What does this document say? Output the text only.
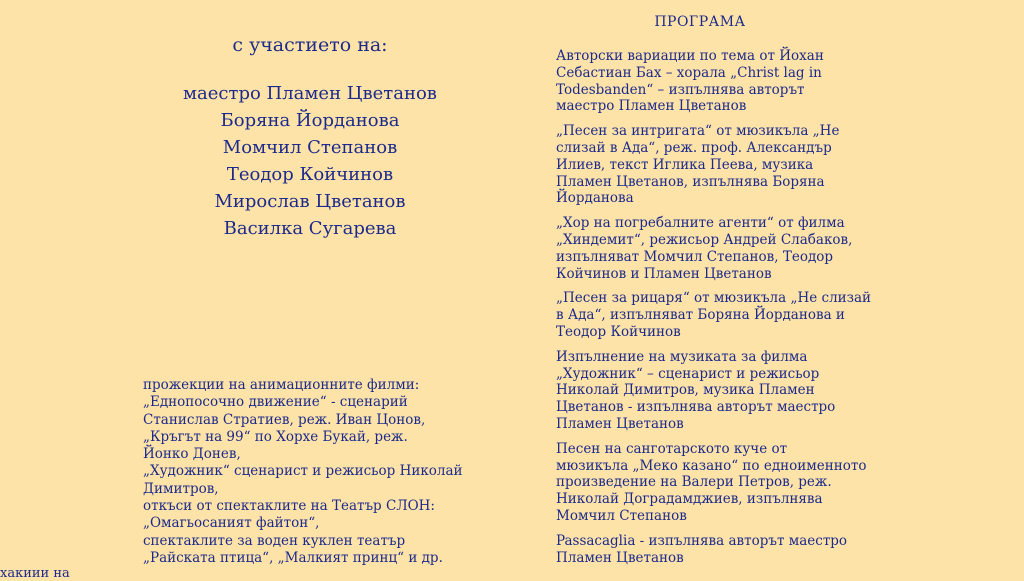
с участието на:
маестро Пламен Цветанов
Боряна Йорданова
Момчил Степанов
Теодор Койчинов
Мирослав Цветанов
Василка Сугарева
прожекции на анимационните филми:
„Еднопосочно движение“ - сценарий
Станислав Стратиев, реж. Иван Цонов,
„Кръгът на 99“ по Хорхе Букай, реж.
Йонко Донев,
„Художник“ сценарист и режисьор Николай
Димитров,
откъси от спектаклите на Театър СЛОН:
„Омагьосаният файтон“,
спектаклите за воден куклен театър
„Райската птица“, „Малкият принц“ и др.
хакиии на
ПРОГРАМА
Авторски вариации по тема от Йохан
Себастиан Бах – хорала „Christ lag in
Todesbanden“ – изпълнява авторът
маестро Пламен Цветанов
„Песен за интригата“ от мюзикъла „Не
слизай в Ада“, реж. проф. Александър
Илиев, текст Иглика Пеева, музика
Пламен Цветанов, изпълнява Боряна
Йорданова
„Хор на погребалните агенти“ от филма
„Хиндемит“, режисьор Андрей Слабаков,
изпълняват Момчил Степанов, Теодор
Койчинов и Пламен Цветанов
„Песен за рицаря“ от мюзикъла „Не слизай
в Ада“, изпълняват Боряна Йорданова и
Теодор Койчинов
Изпълнение на музиката за филма
„Художник“ – сценарист и режисьор
Николай Димитров, музика Пламен
Цветанов - изпълнява авторът маестро
Пламен Цветанов
Песен на санготарското куче от
мюзикъла „Меко казано“ по едноименното
произведение на Валери Петров, реж.
Николай Доградамджиев, изпълнява
Момчил Степанов
Passacaglia - изпълнява авторът маестро
Пламен Цветанов
